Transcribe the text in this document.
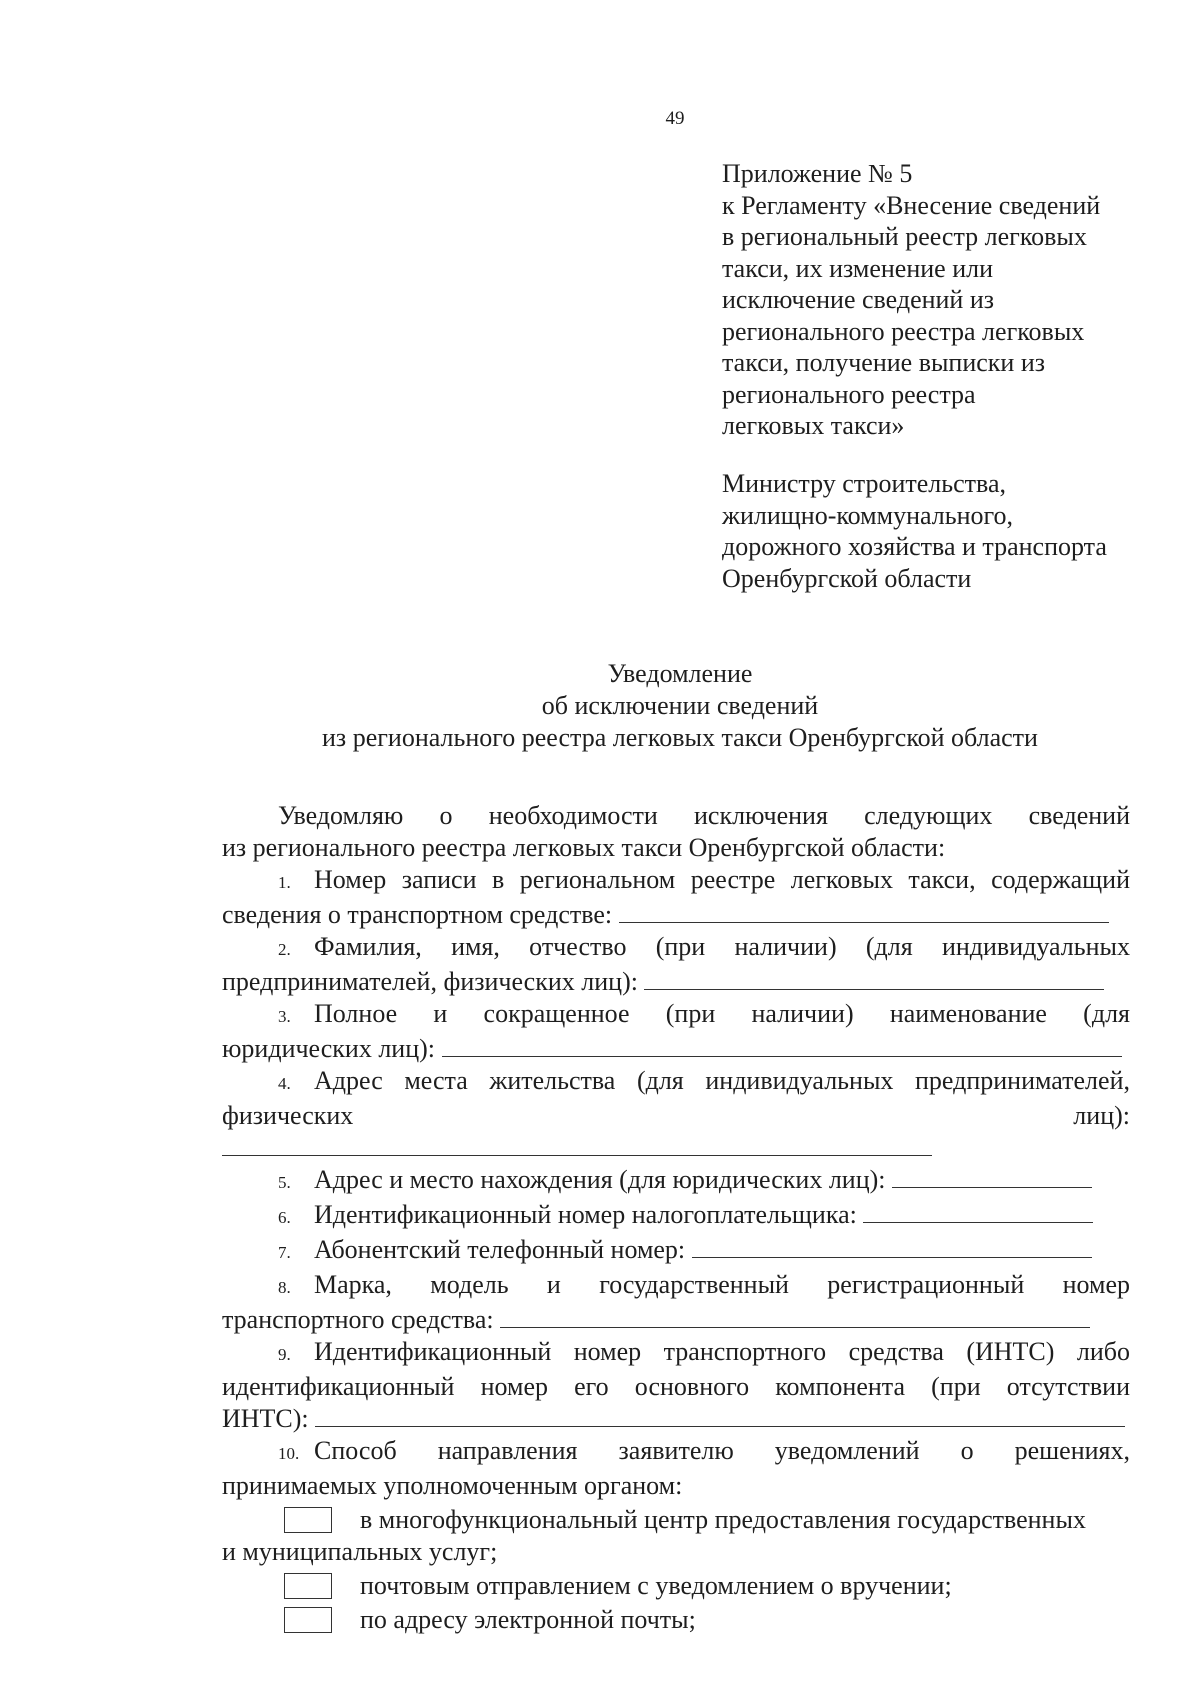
49
Приложение № 5
к Регламенту «Внесение сведений
в региональный реестр легковых
такси, их изменение или
исключение сведений из
регионального реестра легковых
такси, получение выписки из
регионального реестра
легковых такси»
Министру строительства,
жилищно-коммунального,
дорожного хозяйства и транспорта
Оренбургской области
Уведомление
об исключении сведений
из регионального реестра легковых такси Оренбургской области

Уведомляю о необходимости исключения следующих сведений

из регионального реестра легковых такси Оренбургской области:

1. Номер записи в региональном реестре легковых такси, содержащий

сведения о транспортном средстве:

2. Фамилия, имя, отчество (при наличии) (для индивидуальных

предпринимателей, физических лиц):

3. Полное и сокращенное (при наличии) наименование (для

юридических лиц):

4. Адрес места жительства (для индивидуальных предпринимателей,

физических лиц):

5. Адрес и место нахождения (для юридических лиц):

6. Идентификационный номер налогоплательщика:

7. Абонентский телефонный номер:

8. Марка, модель и государственный регистрационный номер

транспортного средства:

9. Идентификационный номер транспортного средства (ИНТС) либо

идентификационный номер его основного компонента (при отсутствии

ИНТС):

10. Способ направления заявителю уведомлений о решениях,

принимаемых уполномоченным органом:

в многофункциональный центр предоставления государственных

и муниципальных услуг;

почтовым отправлением с уведомлением о вручении;

по адресу электронной почты;
